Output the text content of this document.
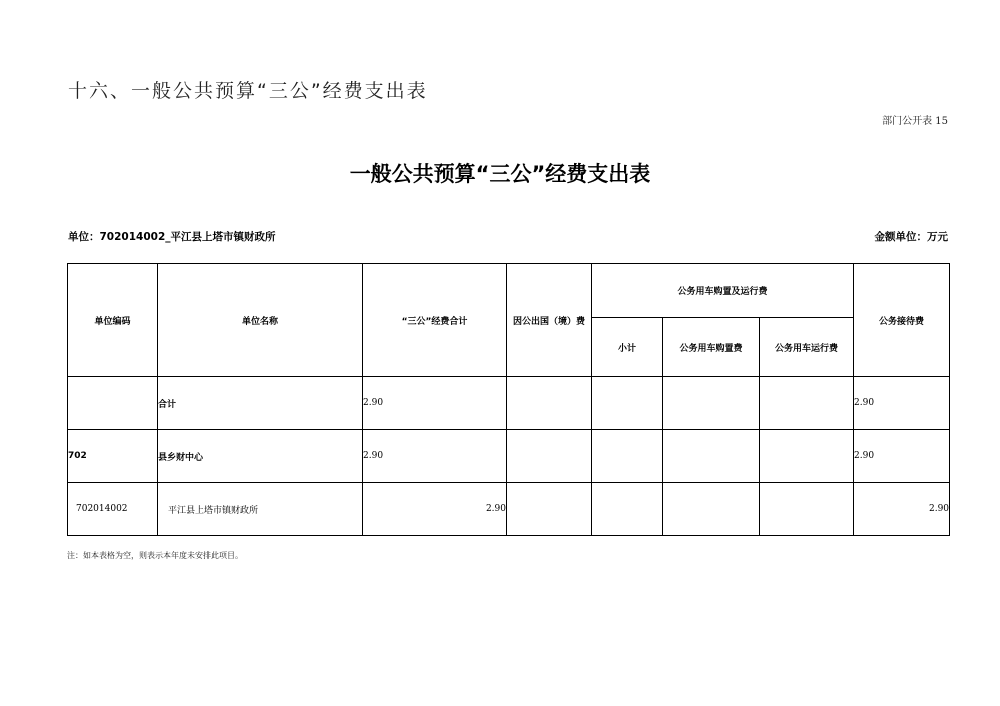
十六、一般公共预算“三公”经费支出表
部门公开表 15
一般公共预算“三公”经费支出表
单位：702014002_平江县上塔市镇财政所	金额单位：万元
单位编码	单位名称	“三公”经费合计	因公出国（境）费	公务用车购置及运行费			公务接待费
				小计	公务用车购置费	公务用车运行费	
	合计	2.90					2.90
702	县乡财中心	2.90					2.90
702014002	平江县上塔市镇财政所	2.90					2.90
注：如本表格为空，则表示本年度未安排此项目。
